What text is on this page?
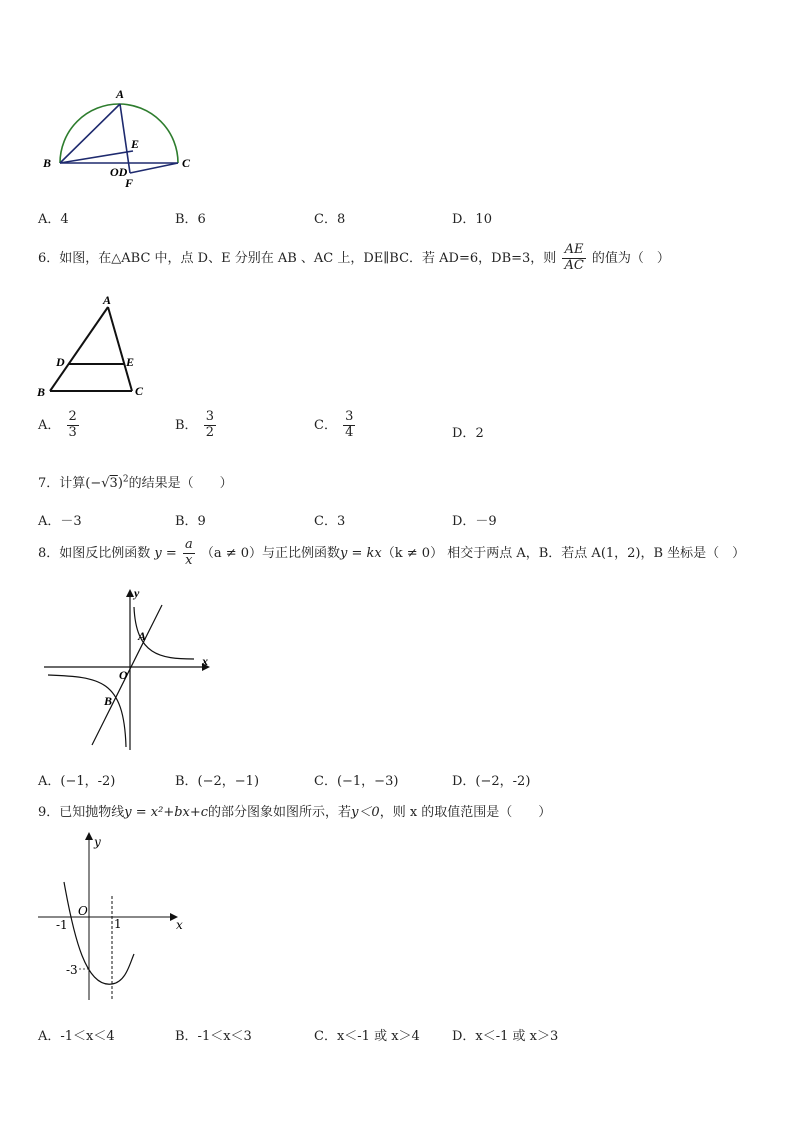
A
B	C
E
OD
F
A．4	B．6	C．8	D．10
6．如图，在△ABC 中，点 D、E 分别在 AB 、AC 上，DE∥BC．若 AD=6，DB=3，则 $\frac{AE}{AC}$ 的值为（　）
A
B	C
D	E
A． $\frac{2}{3}$	B． $\frac{3}{2}$	C． $\frac{3}{4}$	D．2
7．计算$(-√3)^2$的结果是（　　）
A．－3	B．9	C．3	D．－9
8．如图反比例函数 $y = \frac{a}{x} (a \ne 0)$与正比例函数y = kx（k ≠ 0） 相交于两点 A，B．若点 A(1，2)，B 坐标是（　）
y
x
O
A
B
A．(−1，-2)	B．(−2，−1)	C．(−1，−3)	D．(−2，-2)
9．已知抛物线y = x²+bx+c的部分图象如图所示，若y＜0，则 x 的取值范围是（　　）
y
x
O
-1	1
-3
A．-1＜x＜4	B．-1＜x＜3	C．x＜-1 或 x＞4 D．x＜-1 或 x＞3
